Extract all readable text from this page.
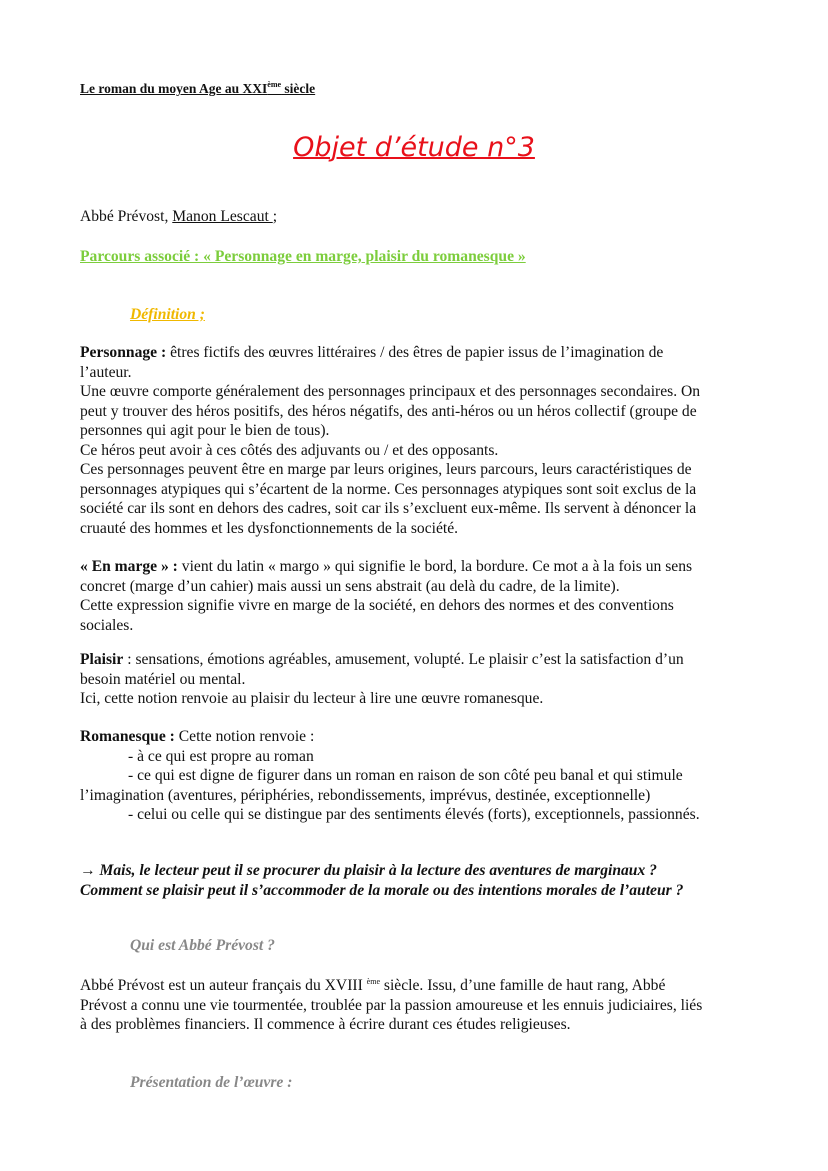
Le roman du moyen Age au XXIème siècle
Objet d’étude n°3
Abbé Prévost, Manon Lescaut ;
Parcours associé : « Personnage en marge, plaisir du romanesque »
Définition ;
Personnage : êtres fictifs des œuvres littéraires / des êtres de papier issus de l’imagination de
l’auteur.
Une œuvre comporte généralement des personnages principaux et des personnages secondaires. On
peut y trouver des héros positifs, des héros négatifs, des anti-héros ou un héros collectif (groupe de
personnes qui agit pour le bien de tous).
Ce héros peut avoir à ces côtés des adjuvants ou / et des opposants.
Ces personnages peuvent être en marge par leurs origines, leurs parcours, leurs caractéristiques de
personnages atypiques qui s’écartent de la norme. Ces personnages atypiques sont soit exclus de la
société car ils sont en dehors des cadres, soit car ils s’excluent eux-même. Ils servent à dénoncer la
cruauté des hommes et les dysfonctionnements de la société.
« En marge » : vient du latin « margo » qui signifie le bord, la bordure. Ce mot a à la fois un sens
concret (marge d’un cahier) mais aussi un sens abstrait (au delà du cadre, de la limite).
Cette expression signifie vivre en marge de la société, en dehors des normes et des conventions
sociales.
Plaisir : sensations, émotions agréables, amusement, volupté. Le plaisir c’est la satisfaction d’un
besoin matériel ou mental.
Ici, cette notion renvoie au plaisir du lecteur à lire une œuvre romanesque.
Romanesque : Cette notion renvoie :
- à ce qui est propre au roman
- ce qui est digne de figurer dans un roman en raison de son côté peu banal et qui stimule
l’imagination (aventures, périphéries, rebondissements, imprévus, destinée, exceptionnelle)
- celui ou celle qui se distingue par des sentiments élevés (forts), exceptionnels, passionnés.
→ Mais, le lecteur peut il se procurer du plaisir à la lecture des aventures de marginaux ?
Comment se plaisir peut il s’accommoder de la morale ou des intentions morales de l’auteur ?
Qui est Abbé Prévost ?
Abbé Prévost est un auteur français du XVIII $^{ème}$ siècle. Issu, d’une famille de haut rang, Abbé
Prévost a connu une vie tourmentée, troublée par la passion amoureuse et les ennuis judiciaires, liés
à des problèmes financiers. Il commence à écrire durant ces études religieuses.
Présentation de l’œuvre :
